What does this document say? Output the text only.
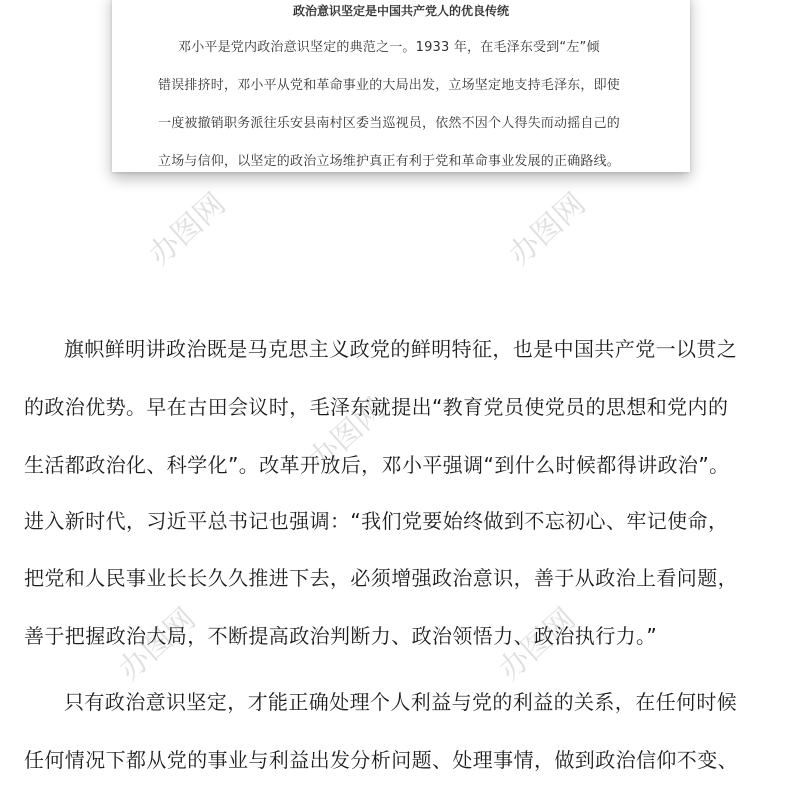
办图网	办图网
办图网
办图网	办图网
政治意识坚定是中国共产党人的优良传统
邓小平是党内政治意识坚定的典范之一。1933 年，在毛泽东受到“左”倾
错误排挤时，邓小平从党和革命事业的大局出发，立场坚定地支持毛泽东，即使
一度被撤销职务派往乐安县南村区委当巡视员，依然不因个人得失而动摇自己的
立场与信仰，以坚定的政治立场维护真正有利于党和革命事业发展的正确路线。
旗帜鲜明讲政治既是马克思主义政党的鲜明特征，也是中国共产党一以贯之
的政治优势。早在古田会议时，毛泽东就提出“教育党员使党员的思想和党内的
生活都政治化、科学化”。改革开放后，邓小平强调“到什么时候都得讲政治”。
进入新时代，习近平总书记也强调：“我们党要始终做到不忘初心、牢记使命，
把党和人民事业长长久久推进下去，必须增强政治意识，善于从政治上看问题，
善于把握政治大局，不断提高政治判断力、政治领悟力、政治执行力。”
只有政治意识坚定，才能正确处理个人利益与党的利益的关系，在任何时候
任何情况下都从党的事业与利益出发分析问题、处理事情，做到政治信仰不变、
